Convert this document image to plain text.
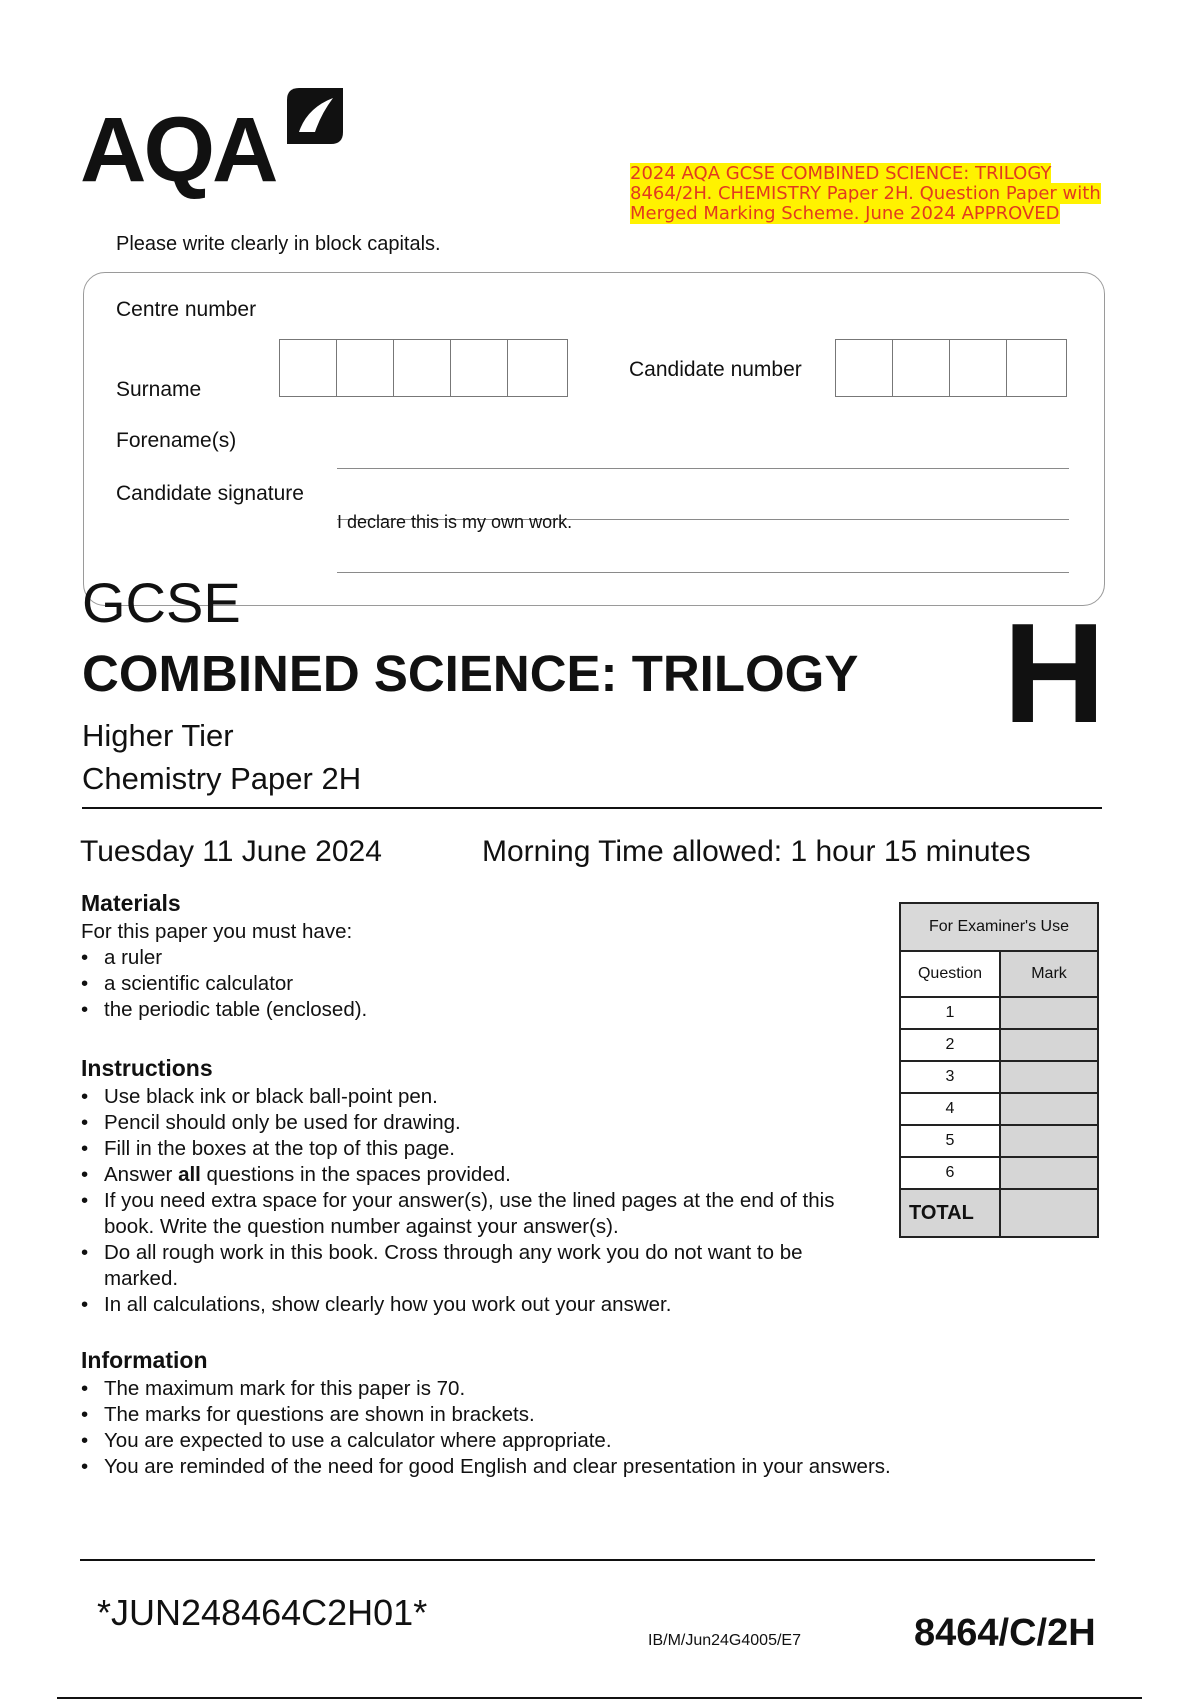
AQA	2024 AQA GCSE COMBINED SCIENCE: TRILOGY 8464/2H. CHEMISTRY Paper 2H. Question Paper with Merged Marking Scheme. June 2024 APPROVED
Please write clearly in block capitals.
Centre number
Candidate number
Surname
Forename(s)
Candidate signature
I declare this is my own work.
GCSE
COMBINED SCIENCE: TRILOGY H
Higher Tier
Chemistry Paper 2H
Tuesday 11 June 2024	Morning Time allowed: 1 hour 15 minutes
Materials
For this paper you must have:
• a ruler
• a scientific calculator
• the periodic table (enclosed).
Instructions
• Use black ink or black ball-point pen.
• Pencil should only be used for drawing.
• Fill in the boxes at the top of this page.
• Answer all questions in the spaces provided.
• If you need extra space for your answer(s), use the lined pages at the end of this book. Write the question number against your answer(s).
• Do all rough work in this book. Cross through any work you do not want to be marked.
• In all calculations, show clearly how you work out your answer.
Information
• The maximum mark for this paper is 70.
• The marks for questions are shown in brackets.
• You are expected to use a calculator where appropriate.
• You are reminded of the need for good English and clear presentation in your answers.
For Examiner's Use
Question	Mark
1
2
3
4
5
6
TOTAL
*JUN248464C2H01*
IB/M/Jun24G4005/E7	8464/C/2H
